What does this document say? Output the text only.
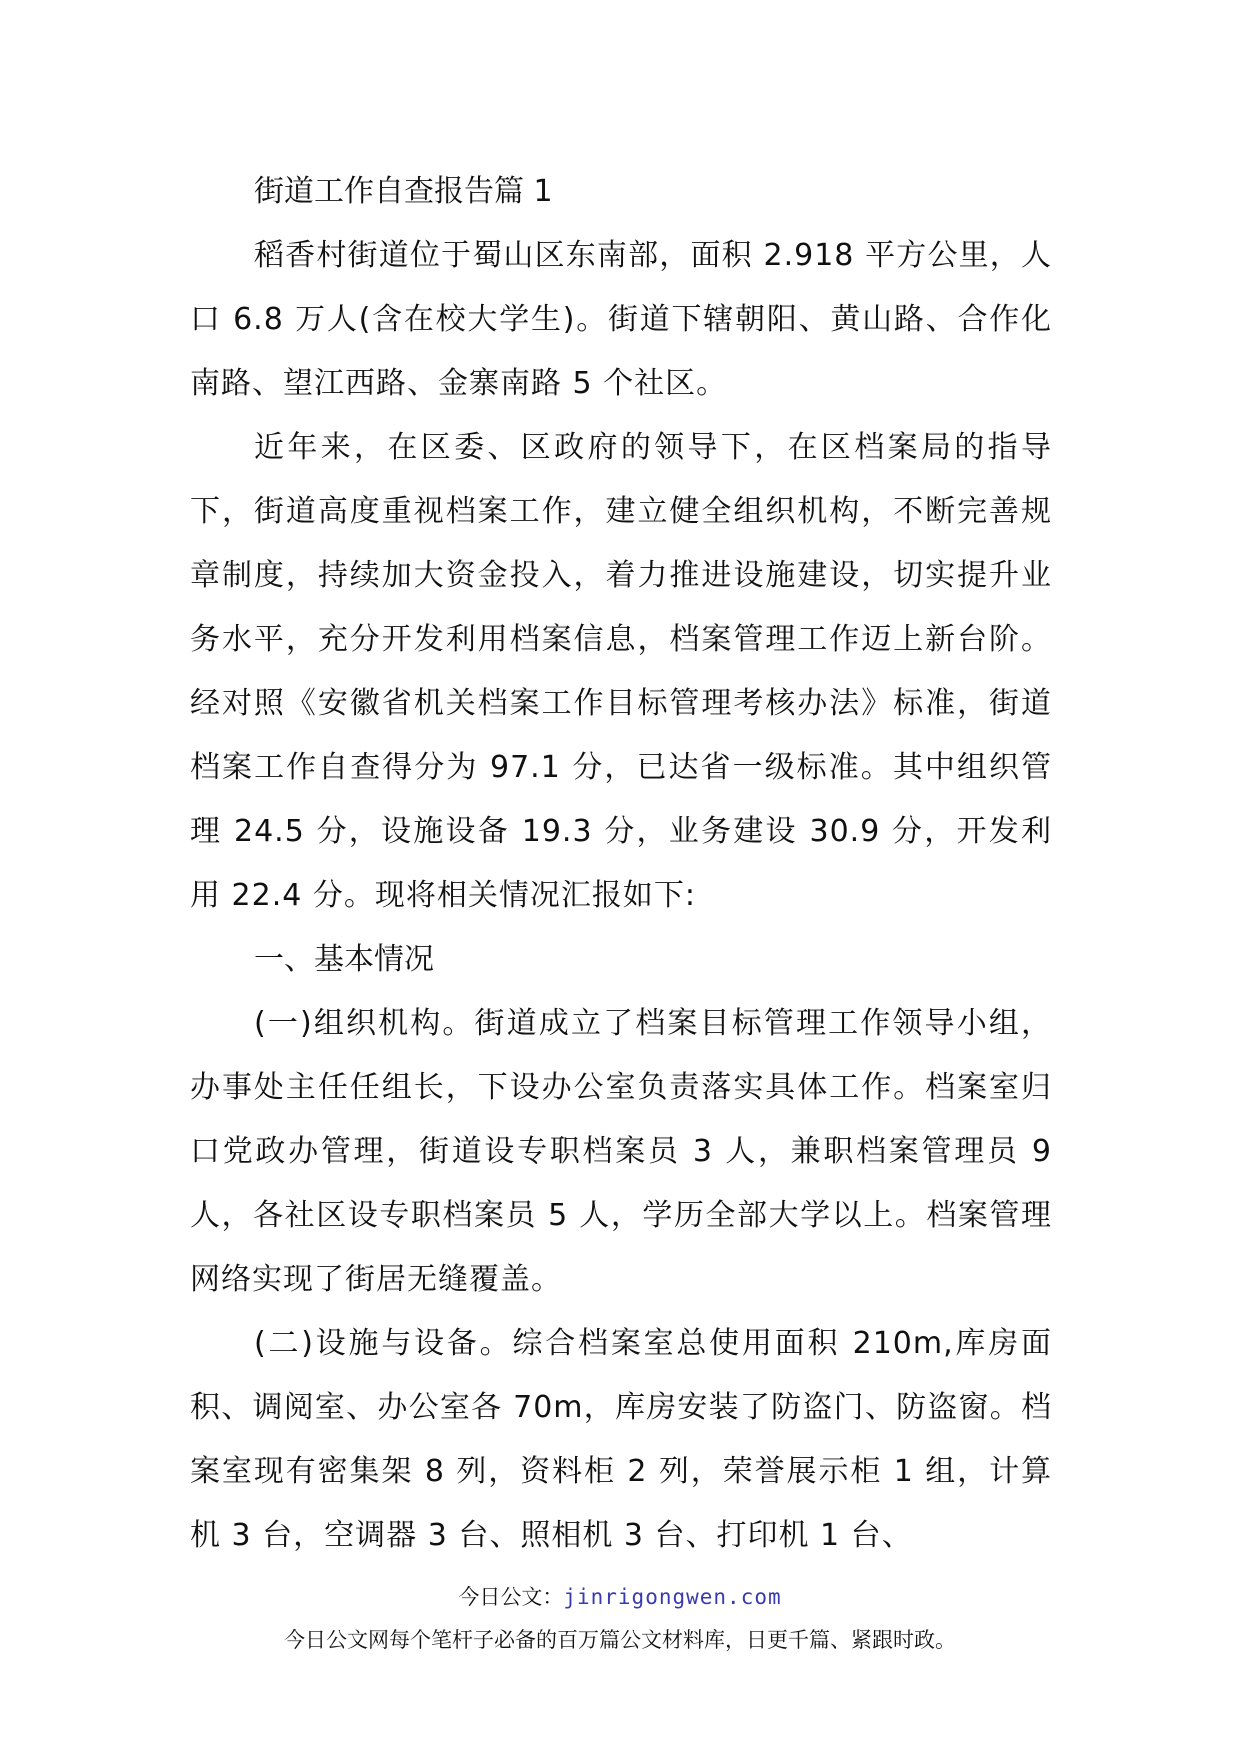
街道工作自查报告篇 1

稻香村街道位于蜀山区东南部，面积 2.918 平方公里，人口 6.8 万人(含在校大学生)。街道下辖朝阳、黄山路、合作化南路、望江西路、金寨南路 5 个社区。

近年来，在区委、区政府的领导下，在区档案局的指导下，街道高度重视档案工作，建立健全组织机构，不断完善规章制度，持续加大资金投入，着力推进设施建设，切实提升业务水平，充分开发利用档案信息，档案管理工作迈上新台阶。经对照《安徽省机关档案工作目标管理考核办法》标准，街道档案工作自查得分为 97.1 分，已达省一级标准。其中组织管理 24.5 分，设施设备 19.3 分，业务建设 30.9 分，开发利用 22.4 分。现将相关情况汇报如下:

一、基本情况

(一)组织机构。街道成立了档案目标管理工作领导小组，办事处主任任组长，下设办公室负责落实具体工作。档案室归口党政办管理，街道设专职档案员 3 人，兼职档案管理员 9 人，各社区设专职档案员 5 人，学历全部大学以上。档案管理网络实现了街居无缝覆盖。

(二)设施与设备。综合档案室总使用面积 210m,库房面积、调阅室、办公室各 70m，库房安装了防盗门、防盗窗。档案室现有密集架 8 列，资料柜 2 列，荣誉展示柜 1 组，计算机 3 台，空调器 3 台、照相机 3 台、打印机 1 台、

今日公文：jinrigongwen.com
今日公文网每个笔杆子必备的百万篇公文材料库，日更千篇、紧跟时政。
